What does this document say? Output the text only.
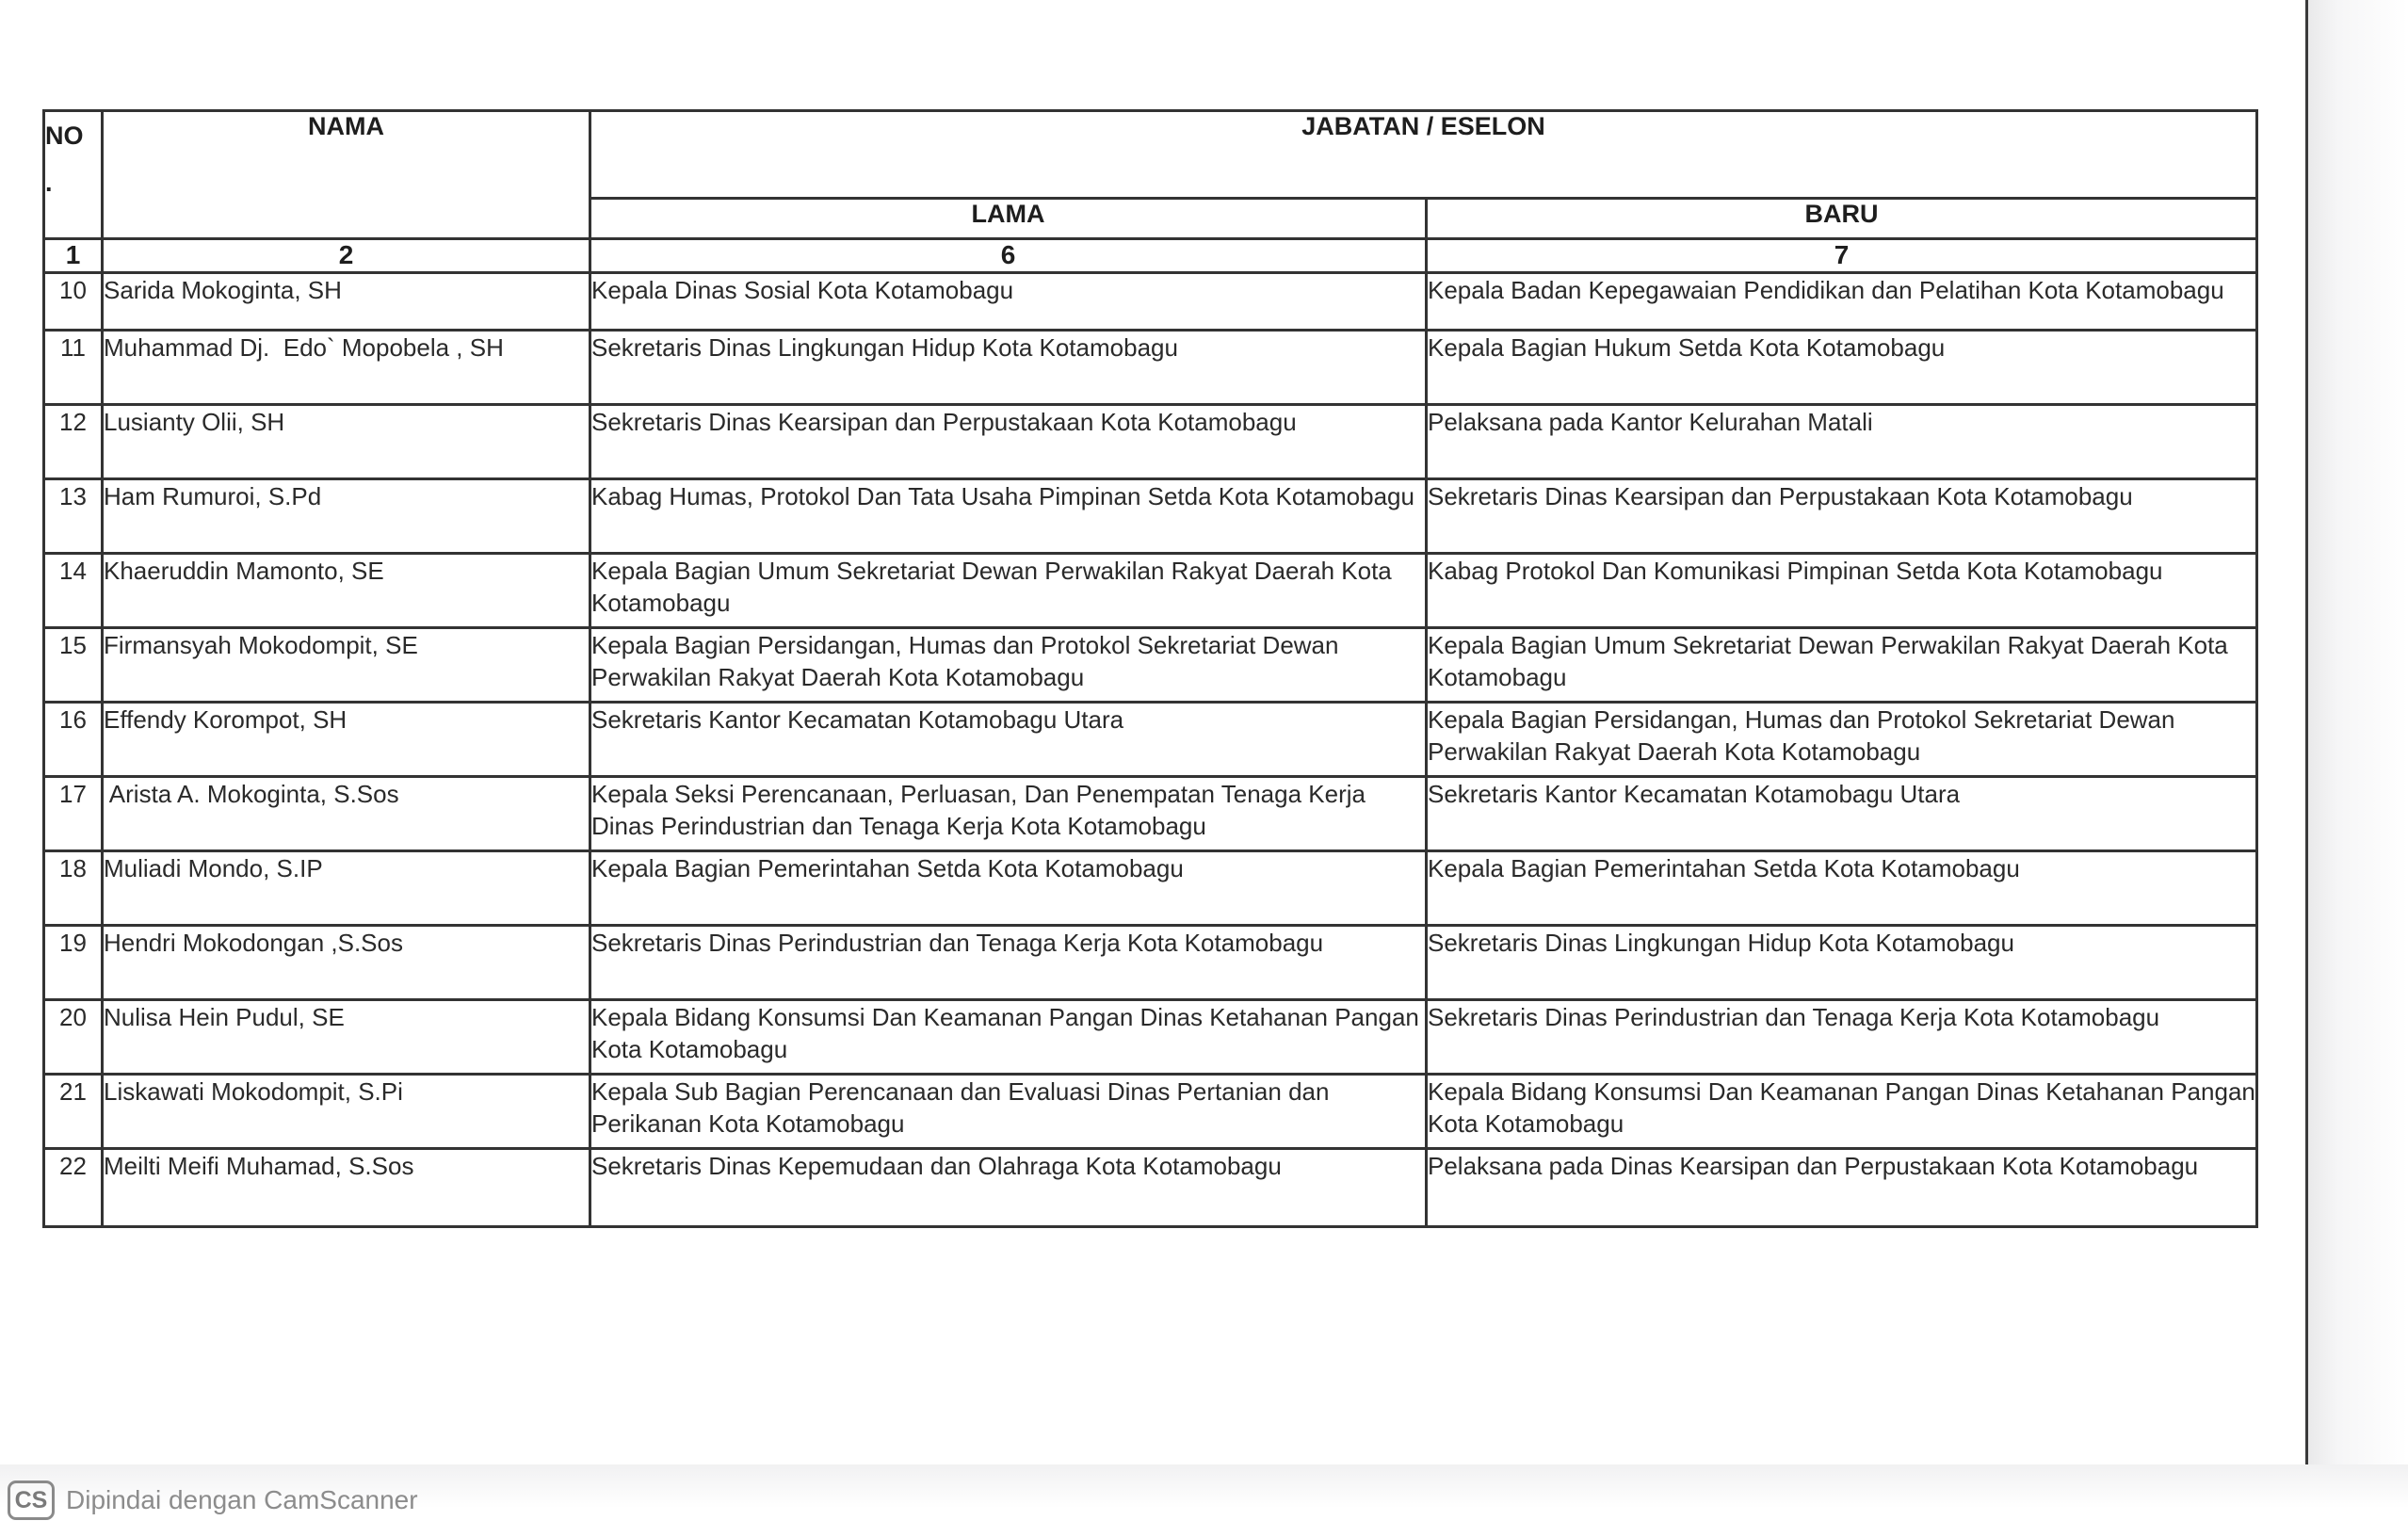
NO
.	NAMA	JABATAN / ESELON	
		LAMA	BARU
1	2	6	7
10	Sarida Mokoginta, SH	Kepala Dinas Sosial Kota Kotamobagu	Kepala Badan Kepegawaian Pendidikan dan Pelatihan Kota Kotamobagu
11	Muhammad Dj.  Edo` Mopobela , SH	Sekretaris Dinas Lingkungan Hidup Kota Kotamobagu	Kepala Bagian Hukum Setda Kota Kotamobagu
12	Lusianty Olii, SH	Sekretaris Dinas Kearsipan dan Perpustakaan Kota Kotamobagu	Pelaksana pada Kantor Kelurahan Matali
13	Ham Rumuroi, S.Pd	Kabag Humas, Protokol Dan Tata Usaha Pimpinan Setda Kota Kotamobagu	Sekretaris Dinas Kearsipan dan Perpustakaan Kota Kotamobagu
14	Khaeruddin Mamonto, SE	Kepala Bagian Umum Sekretariat Dewan Perwakilan Rakyat Daerah Kota Kotamobagu	Kabag Protokol Dan Komunikasi Pimpinan Setda Kota Kotamobagu
15	Firmansyah Mokodompit, SE	Kepala Bagian Persidangan, Humas dan Protokol Sekretariat Dewan Perwakilan Rakyat Daerah Kota Kotamobagu	Kepala Bagian Umum Sekretariat Dewan Perwakilan Rakyat Daerah Kota Kotamobagu
16	Effendy Korompot, SH	Sekretaris Kantor Kecamatan Kotamobagu Utara	Kepala Bagian Persidangan, Humas dan Protokol Sekretariat Dewan Perwakilan Rakyat Daerah Kota Kotamobagu
17	Arista A. Mokoginta, S.Sos	Kepala Seksi Perencanaan, Perluasan, Dan Penempatan Tenaga Kerja Dinas Perindustrian dan Tenaga Kerja Kota Kotamobagu	Sekretaris Kantor Kecamatan Kotamobagu Utara
18	Muliadi Mondo, S.IP	Kepala Bagian Pemerintahan Setda Kota Kotamobagu	Kepala Bagian Pemerintahan Setda Kota Kotamobagu
19	Hendri Mokodongan ,S.Sos	Sekretaris Dinas Perindustrian dan Tenaga Kerja Kota Kotamobagu	Sekretaris Dinas Lingkungan Hidup Kota Kotamobagu
20	Nulisa Hein Pudul, SE	Kepala Bidang Konsumsi Dan Keamanan Pangan Dinas Ketahanan Pangan Kota Kotamobagu	Sekretaris Dinas Perindustrian dan Tenaga Kerja Kota Kotamobagu
21	Liskawati Mokodompit, S.Pi	Kepala Sub Bagian Perencanaan dan Evaluasi Dinas Pertanian dan Perikanan Kota Kotamobagu	Kepala Bidang Konsumsi Dan Keamanan Pangan Dinas Ketahanan Pangan Kota Kotamobagu
22	Meilti Meifi Muhamad, S.Sos	Sekretaris Dinas Kepemudaan dan Olahraga Kota Kotamobagu	Pelaksana pada Dinas Kearsipan dan Perpustakaan Kota Kotamobagu
CS Dipindai dengan CamScanner
